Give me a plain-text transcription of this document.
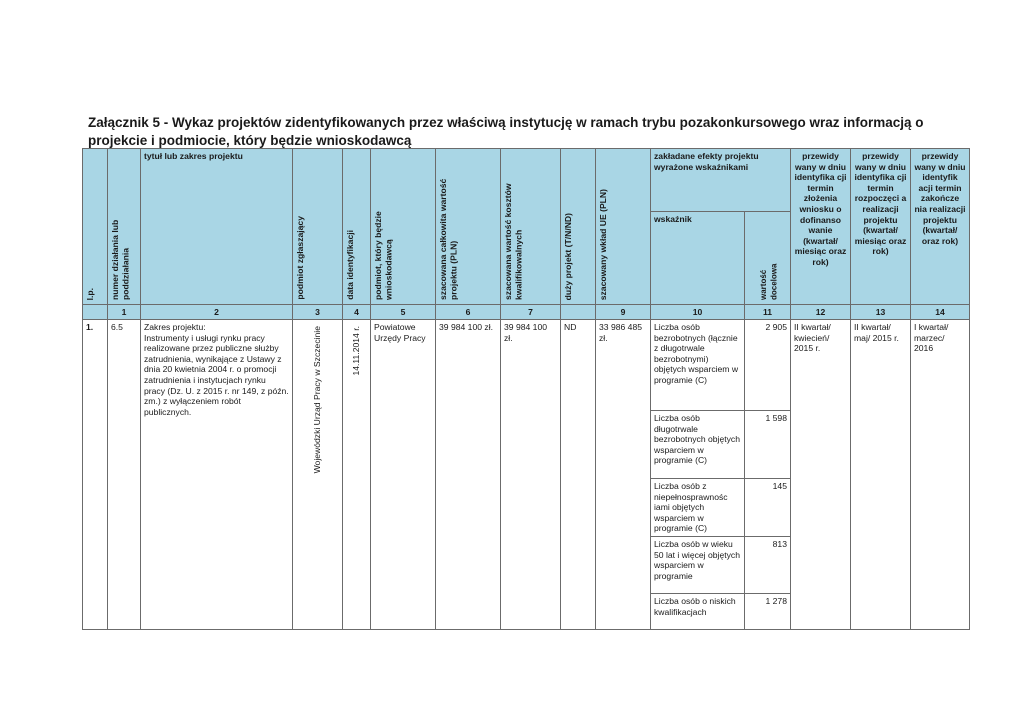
Załącznik 5 - Wykaz projektów zidentyfikowanych przez właściwą instytucję w ramach trybu pozakonkursowego wraz informacją o projekcie i podmiocie, który będzie wnioskodawcą
l.p.	numer działania lub poddziałania	tytuł lub zakres projektu	podmiot zgłaszający	data identyfikacji	podmiot, który będzie wnioskodawcą	szacowana całkowita wartość projektu (PLN)	szacowana wartość kosztów kwalifikowalnych	duży projekt (T/N/ND)	szacowany wkład UE (PLN)	zakładane efekty projektu wyrażone wskaźnikami		przewidy wany w dniu identyfika cji termin złożenia wniosku o dofinanso wanie (kwartał/ miesiąc oraz rok)	przewidy wany w dniu identyfika cji termin rozpoczęci a realizacji projektu (kwartał/ miesiąc oraz rok)	przewidy wany w dniu identyfik acji termin zakończe nia realizacji projektu (kwartał/ oraz rok)
										wskaźnik	wartość docelowa			

	1	2	3	4	5	6	7		9	10	11	12	13	14
1.	6.5	Zakres projektu:
Instrumenty i usługi rynku pracy realizowane przez publiczne służby zatrudnienia, wynikające z Ustawy z dnia 20 kwietnia 2004 r. o promocji zatrudnienia i instytucjach rynku pracy (Dz. U. z 2015 r. nr 149, z późn. zm.) z wyłączeniem robót publicznych.	Wojewódzki Urząd Pracy w Szczecinie	14.11.2014 r.	Powiatowe Urzędy Pracy	39 984 100 zł.	39 984 100 zł.	ND	33 986 485 zł.	Liczba osób bezrobotnych (łącznie z długotrwale bezrobotnymi) objętych wsparciem w programie (C)	2 905	II kwartał/ kwiecień/ 2015 r.	II kwartał/ maj/ 2015 r.	I kwartał/ marzec/ 2016
										Liczba osób długotrwale bezrobotnych objętych wsparciem w programie (C)	1 598			
										Liczba osób z niepełnosprawnośc iami objętych wsparciem w programie (C)	145			
										Liczba osób w wieku 50 lat i więcej objętych wsparciem w programie	813			
										Liczba osób o niskich kwalifikacjach	1 278			
